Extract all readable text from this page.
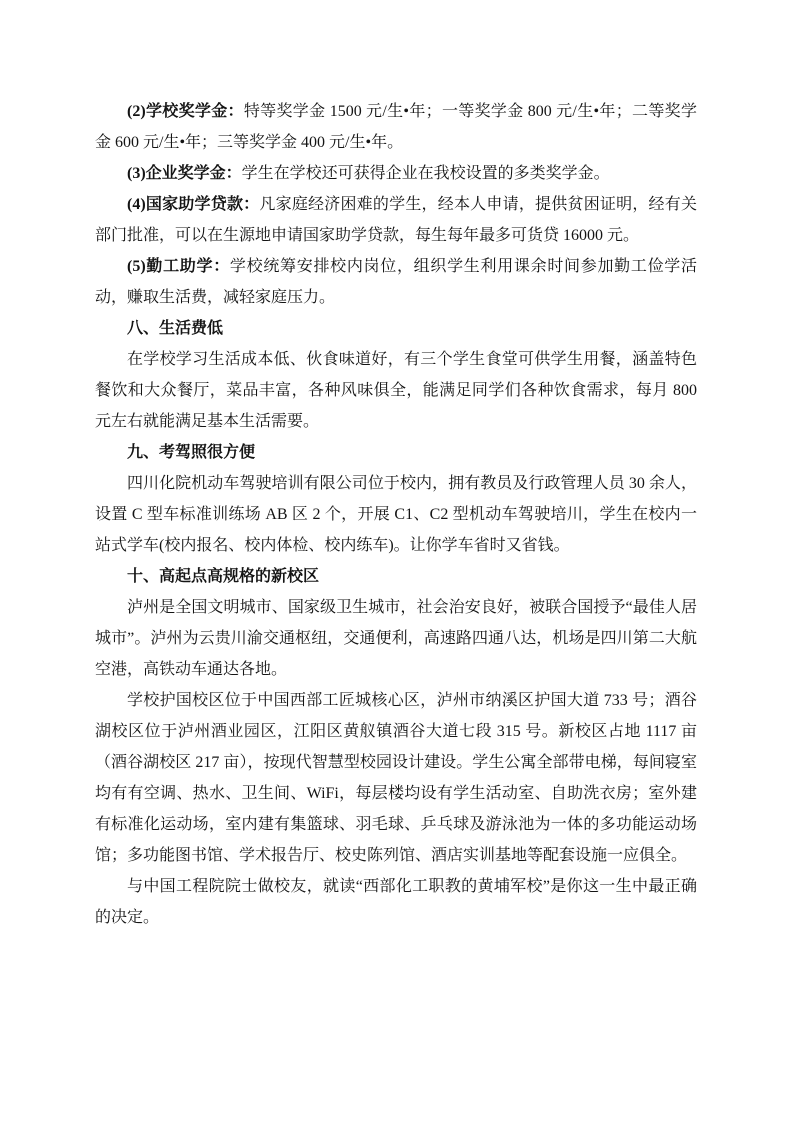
(2)学校奖学金：特等奖学金 1500 元/生•年；一等奖学金 800 元/生•年；二等奖学金 600 元/生•年；三等奖学金 400 元/生•年。

(3)企业奖学金：学生在学校还可获得企业在我校设置的多类奖学金。

(4)国家助学贷款：凡家庭经济困难的学生，经本人申请，提供贫困证明，经有关部门批准，可以在生源地申请国家助学贷款，每生每年最多可货贷 16000 元。

(5)勤工助学：学校统筹安排校内岗位，组织学生利用课余时间参加勤工俭学活动，赚取生活费，减轻家庭压力。

八、生活费低

在学校学习生活成本低、伙食味道好，有三个学生食堂可供学生用餐，涵盖特色餐饮和大众餐厅，菜品丰富，各种风味俱全，能满足同学们各种饮食需求，每月 800 元左右就能满足基本生活需要。

九、考驾照很方便

四川化院机动车驾驶培训有限公司位于校内，拥有教员及行政管理人员 30 余人，设置 C 型车标准训练场 AB 区 2 个，开展 C1、C2 型机动车驾驶培川，学生在校内一站式学车(校内报名、校内体检、校内练车)。让你学车省时又省钱。

十、高起点高规格的新校区

泸州是全国文明城市、国家级卫生城市，社会治安良好，被联合国授予“最佳人居城市”。泸州为云贵川渝交通枢纽，交通便利，高速路四通八达，机场是四川第二大航空港，高铁动车通达各地。

学校护国校区位于中国西部工匠城核心区，泸州市纳溪区护国大道 733 号；酒谷湖校区位于泸州酒业园区，江阳区黄舣镇酒谷大道七段 315 号。新校区占地 1117 亩（酒谷湖校区 217 亩），按现代智慧型校园设计建设。学生公寓全部带电梯，每间寝室均有有空调、热水、卫生间、WiFi，每层楼均设有学生活动室、自助洗衣房；室外建有标准化运动场，室内建有集篮球、羽毛球、乒乓球及游泳池为一体的多功能运动场馆；多功能图书馆、学术报告厅、校史陈列馆、酒店实训基地等配套设施一应俱全。

与中国工程院院士做校友，就读“西部化工职教的黄埔军校”是你这一生中最正确的决定。
